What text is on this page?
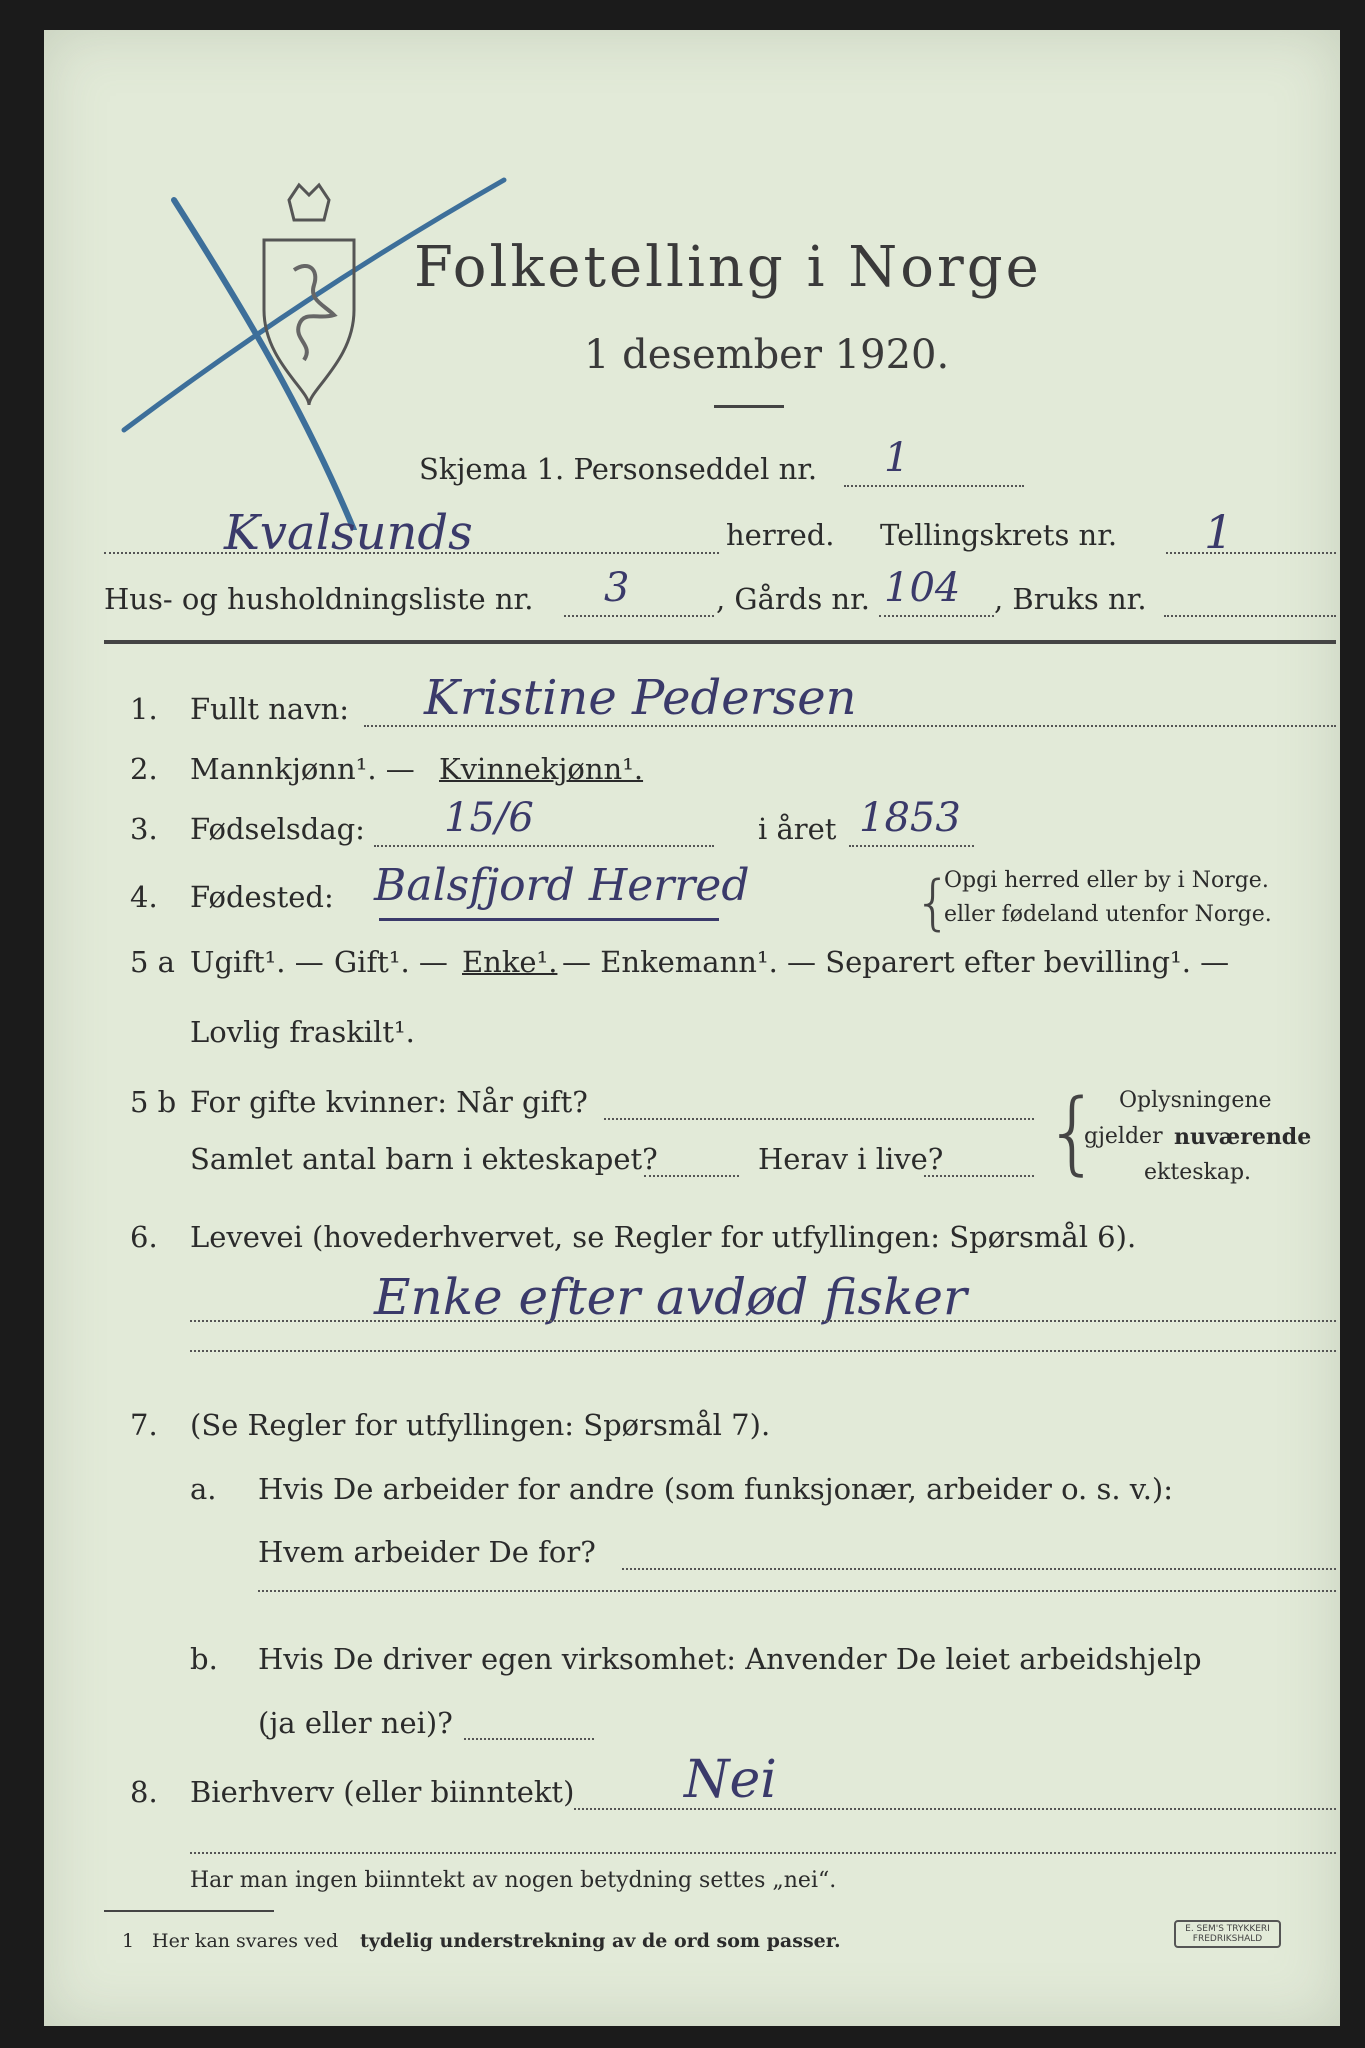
Folketelling i Norge
1 desember 1920.
Skjema 1. Personseddel nr. 1
Kvalsunds	herred. Tellingskrets nr. 1
Hus- og husholdningsliste nr. 3	, Gårds nr. 104 , Bruks nr.
1. Fullt navn: Kristine Pedersen
2. Mannkjønn¹. — Kvinnekjønn¹.
3. Fødselsdag: 15/6	i året 1853
4. Fødested: Balsfjord Herred	{
Opgi herred eller by i Norge.
eller fødeland utenfor Norge.
5 a Ugift¹. — Gift¹. — Enke¹. — Enkemann¹. — Separert efter bevilling¹. —
Lovlig fraskilt¹.
5 b For gifte kvinner: Når gift?
Samlet antal barn i ekteskapet?	Herav i live? { Oplysningene
gjelder nuværende
ekteskap.
6. Levevei (hovederhvervet, se Regler for utfyllingen: Spørsmål 6).
Enke efter avdød fisker
7. (Se Regler for utfyllingen: Spørsmål 7).
a. Hvis De arbeider for andre (som funksjonær, arbeider o. s. v.):
Hvem arbeider De for?
b. Hvis De driver egen virksomhet: Anvender De leiet arbeidshjelp
(ja eller nei)?
8. Bierhverv (eller biinntekt) Nei
Har man ingen biinntekt av nogen betydning settes „nei“.
1 Her kan svares ved tydelig understrekning av de ord som passer.
E. SEM'S TRYKKERI
FREDRIKSHALD
